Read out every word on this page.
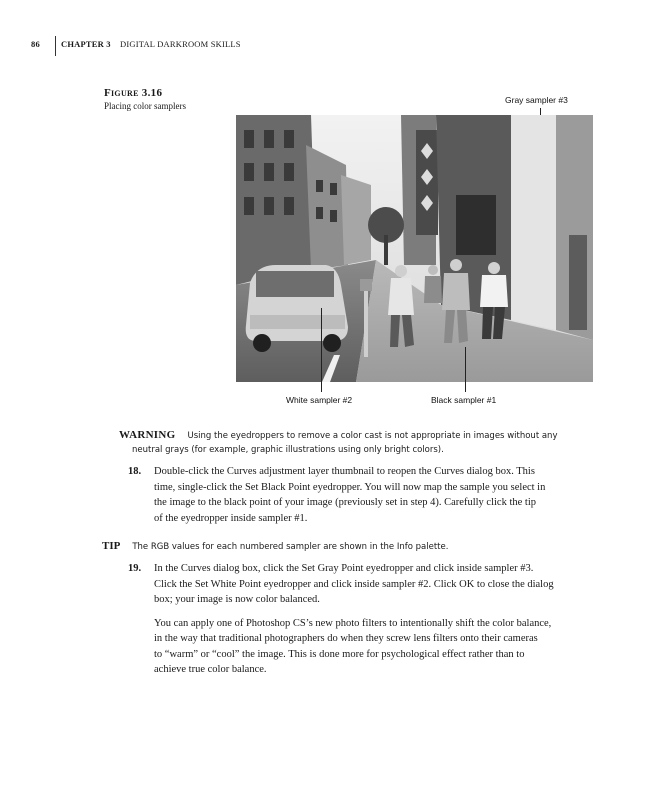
86 CHAPTER 3 DIGITAL DARKROOM SKILLS
Figure 3.16
Placing color samplers
Gray sampler #3
White sampler #2	Black sampler #1
WARNING Using the eyedroppers to remove a color cast is not appropriate in images without any
neutral grays (for example, graphic illustrations using only bright colors).
18. Double-click the Curves adjustment layer thumbnail to reopen the Curves dialog box. This
time, single-click the Set Black Point eyedropper. You will now map the sample you select in
the image to the black point of your image (previously set in step 4). Carefully click the tip
of the eyedropper inside sampler #1.
TIP The RGB values for each numbered sampler are shown in the Info palette.
19. In the Curves dialog box, click the Set Gray Point eyedropper and click inside sampler #3.
Click the Set White Point eyedropper and click inside sampler #2. Click OK to close the dialog
box; your image is now color balanced.
You can apply one of Photoshop CS’s new photo filters to intentionally shift the color balance,
in the way that traditional photographers do when they screw lens filters onto their cameras
to “warm” or “cool” the image. This is done more for psychological effect rather than to
achieve true color balance.
